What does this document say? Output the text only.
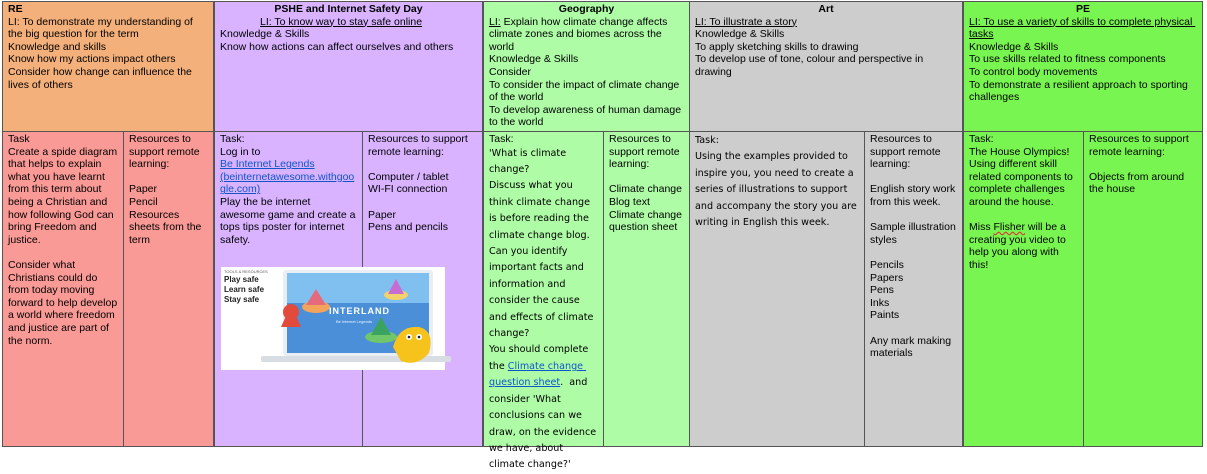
RE

LI: To demonstrate my understanding of the big question for the term

Knowledge and skills

Know how my actions impact others

Consider how change can influence the lives of others

Task

Create a spide diagram that helps to explain what you have learnt from this term about being a Christian and how following God can bring Freedom and justice.

Consider what Christians could do from today moving forward to help develop a world where freedom and justice are part of the norm.

Resources to support remote learning:

Paper

Pencil

Resources sheets from the term

PSHE and Internet Safety Day

LI: To know way to stay safe online

Knowledge & Skills

Know how actions can affect ourselves and others

Task:

Log in to

Be Internet Legends

(beinternetawesome.withgoogle.com)

Play the be internet awesome game and create a tops tips poster for internet safety.

Resources to support remote learning:

Computer / tablet

WI-FI connection

Paper

Pens and pencils

TOOLS & RESOURCES
Play safe
Learn safe
Stay safe
INTERLAND
Be Internet Legends

Geography

LI: Explain how climate change affects climate zones and biomes across the world

Knowledge & Skills

Consider

To consider the impact of climate change of the world

To develop awareness of human damage to the world

Task:

'What is climate change?
Discuss what you think climate change is before reading the climate change blog. Can you identify important facts and information and consider the cause and effects of climate change?
You should complete the Climate change question sheet.  and consider 'What conclusions can we draw, on the evidence we have, about climate change?'

Resources to support remote learning:

Climate change Blog text

Climate change question sheet

Art

LI: To illustrate a story

Knowledge & Skills

To apply sketching skills to drawing

To develop use of tone, colour and perspective in drawing

Task:

Using the examples provided to inspire you, you need to create a series of illustrations to support and accompany the story you are writing in English this week.

Resources to support remote learning:

English story work from this week.

Sample illustration styles

Pencils

Papers

Pens

Inks

Paints

Any mark making materials

PE

LI: To use a variety of skills to complete physical tasks

Knowledge & Skills

To use skills related to fitness components

To control body movements

To demonstrate a resilient approach to sporting challenges

Task:

The House Olympics! Using different skill related components to complete challenges around the house.

Miss Flisher will be a creating you video to help you along with this!

Resources to support remote learning:

Objects from around the house
